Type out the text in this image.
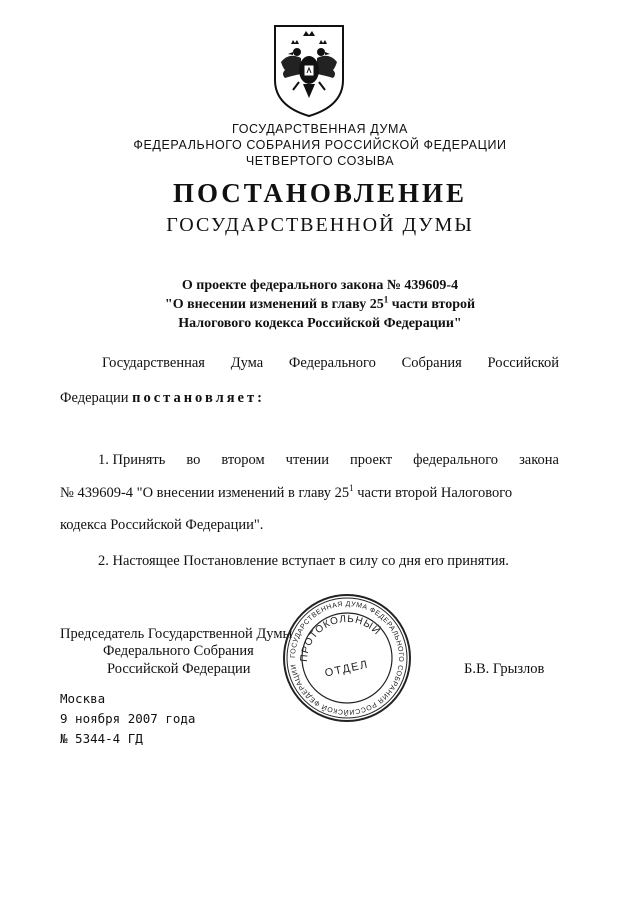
ГОСУДАРСТВЕННАЯ ДУМА
ФЕДЕРАЛЬНОГО СОБРАНИЯ РОССИЙСКОЙ ФЕДЕРАЦИИ
ЧЕТВЕРТОГО СОЗЫВА
ПОСТАНОВЛЕНИЕ
ГОСУДАРСТВЕННОЙ ДУМЫ
О проекте федерального закона № 439609-4
"О внесении изменений в главу $25^1$ части второй
Налогового кодекса Российской Федерации"
Государственная Дума Федерального Собрания Российской
Федерации постановляет:
1. Принять во втором чтении проект федерального закона
№ 439609-4 "О внесении изменений в главу $25^1$ части второй Налогового
кодекса Российской Федерации".
2. Настоящее Постановление вступает в силу со дня его принятия.
Председатель Государственной Думы
Федерального Собрания
Российской Федерации	Б.В. Грызлов
ГОСУДАРСТВЕННАЯ ДУМА ФЕДЕРАЛЬНОГО СОБРАНИЯ РОССИЙСКОЙ ФЕДЕРАЦИИ
ПРОТОКОЛЬНЫЙ
ОТДЕЛ
Москва
9 ноября 2007 года
№ 5344-4 ГД
